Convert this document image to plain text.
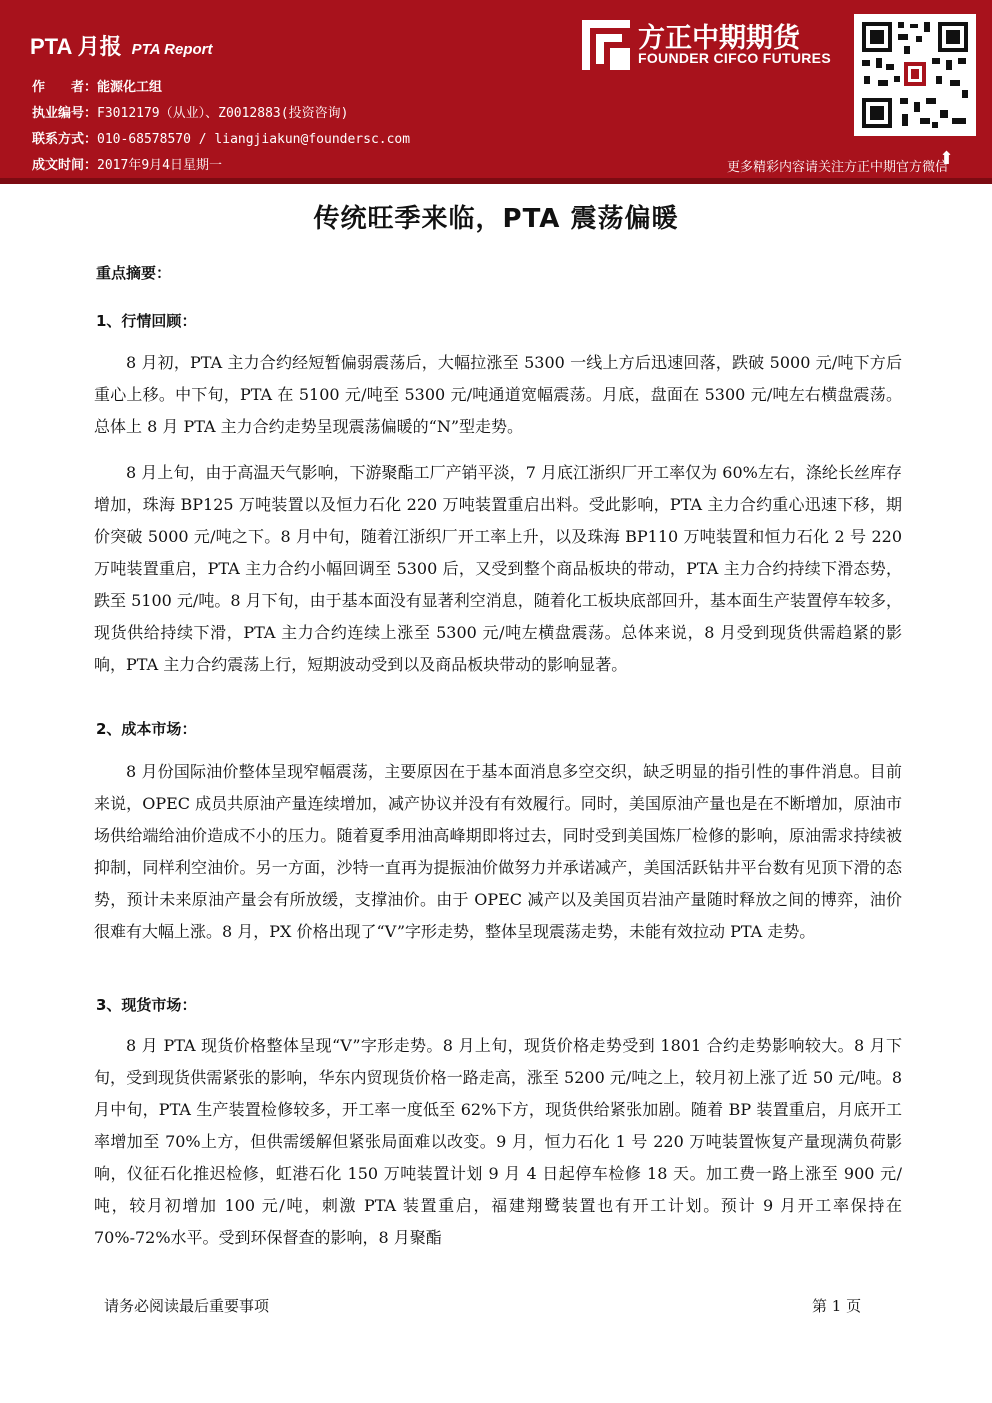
PTA 月报 PTA Report
作　　者：能源化工组
执业编号：F3012179（从业）、Z0012883(投资咨询)
联系方式：010-68578570 / liangjiakun@foundersc.com
成文时间：2017年9月4日星期一
方正中期期货
FOUNDER CIFCO FUTURES
更多精彩内容请关注方正中期官方微信
⬆
传统旺季来临，PTA 震荡偏暖
重点摘要：
1、行情回顾：
8 月初，PTA 主力合约经短暂偏弱震荡后，大幅拉涨至 5300 一线上方后迅速回落，跌破 5000 元/吨下方后重心上移。中下旬，PTA 在 5100 元/吨至 5300 元/吨通道宽幅震荡。月底，盘面在 5300 元/吨左右横盘震荡。总体上 8 月 PTA 主力合约走势呈现震荡偏暖的“N”型走势。
8 月上旬，由于高温天气影响，下游聚酯工厂产销平淡，7 月底江浙织厂开工率仅为 60%左右，涤纶长丝库存增加，珠海 BP125 万吨装置以及恒力石化 220 万吨装置重启出料。受此影响，PTA 主力合约重心迅速下移，期价突破 5000 元/吨之下。8 月中旬，随着江浙织厂开工率上升，以及珠海 BP110 万吨装置和恒力石化 2 号 220 万吨装置重启，PTA 主力合约小幅回调至 5300 后，又受到整个商品板块的带动，PTA 主力合约持续下滑态势，跌至 5100 元/吨。8 月下旬，由于基本面没有显著利空消息，随着化工板块底部回升，基本面生产装置停车较多，现货供给持续下滑，PTA 主力合约连续上涨至 5300 元/吨左横盘震荡。总体来说，8 月受到现货供需趋紧的影响，PTA 主力合约震荡上行，短期波动受到以及商品板块带动的影响显著。
2、成本市场：
8 月份国际油价整体呈现窄幅震荡，主要原因在于基本面消息多空交织，缺乏明显的指引性的事件消息。目前来说，OPEC 成员共原油产量连续增加，减产协议并没有有效履行。同时，美国原油产量也是在不断增加，原油市场供给端给油价造成不小的压力。随着夏季用油高峰期即将过去，同时受到美国炼厂检修的影响，原油需求持续被抑制，同样利空油价。另一方面，沙特一直再为提振油价做努力并承诺减产，美国活跃钻井平台数有见顶下滑的态势，预计未来原油产量会有所放缓，支撑油价。由于 OPEC 减产以及美国页岩油产量随时释放之间的博弈，油价很难有大幅上涨。8 月，PX 价格出现了“V”字形走势，整体呈现震荡走势，未能有效拉动 PTA 走势。
3、现货市场：
8 月 PTA 现货价格整体呈现“V”字形走势。8 月上旬，现货价格走势受到 1801 合约走势影响较大。8 月下旬，受到现货供需紧张的影响，华东内贸现货价格一路走高，涨至 5200 元/吨之上，较月初上涨了近 50 元/吨。8 月中旬，PTA 生产装置检修较多，开工率一度低至 62%下方，现货供给紧张加剧。随着 BP 装置重启，月底开工率增加至 70%上方，但供需缓解但紧张局面难以改变。9 月，恒力石化 1 号 220 万吨装置恢复产量现满负荷影响，仪征石化推迟检修，虹港石化 150 万吨装置计划 9 月 4 日起停车检修 18 天。加工费一路上涨至 900 元/吨，较月初增加 100 元/吨，刺激 PTA 装置重启，福建翔鹭装置也有开工计划。预计 9 月开工率保持在 70%-72%水平。受到环保督查的影响，8 月聚酯
请务必阅读最后重要事项	第 1 页
